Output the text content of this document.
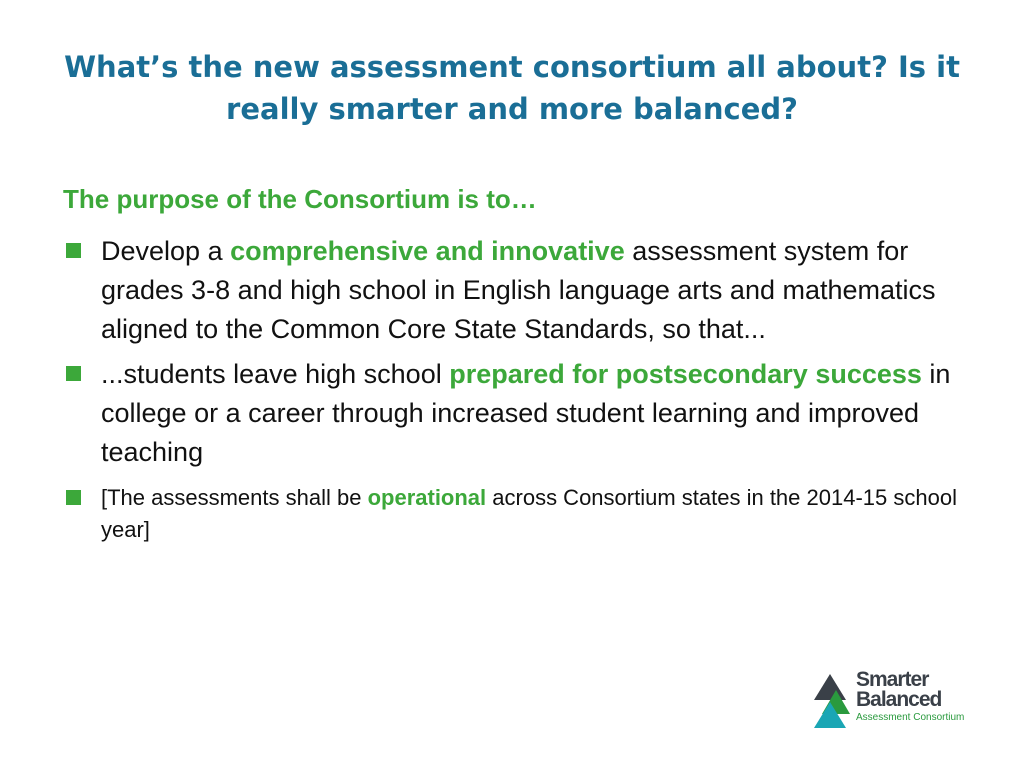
What’s the new assessment consortium all about? Is it really smarter and more balanced?
The purpose of the Consortium is to…
Develop a comprehensive and innovative assessment system for grades 3-8 and high school in English language arts and mathematics aligned to the Common Core State Standards, so that...
...students leave high school prepared for postsecondary success in college or a career through increased student learning and improved teaching
[The assessments shall be operational across Consortium states in the 2014-15 school year]
Smarter
Balanced
Assessment Consortium
